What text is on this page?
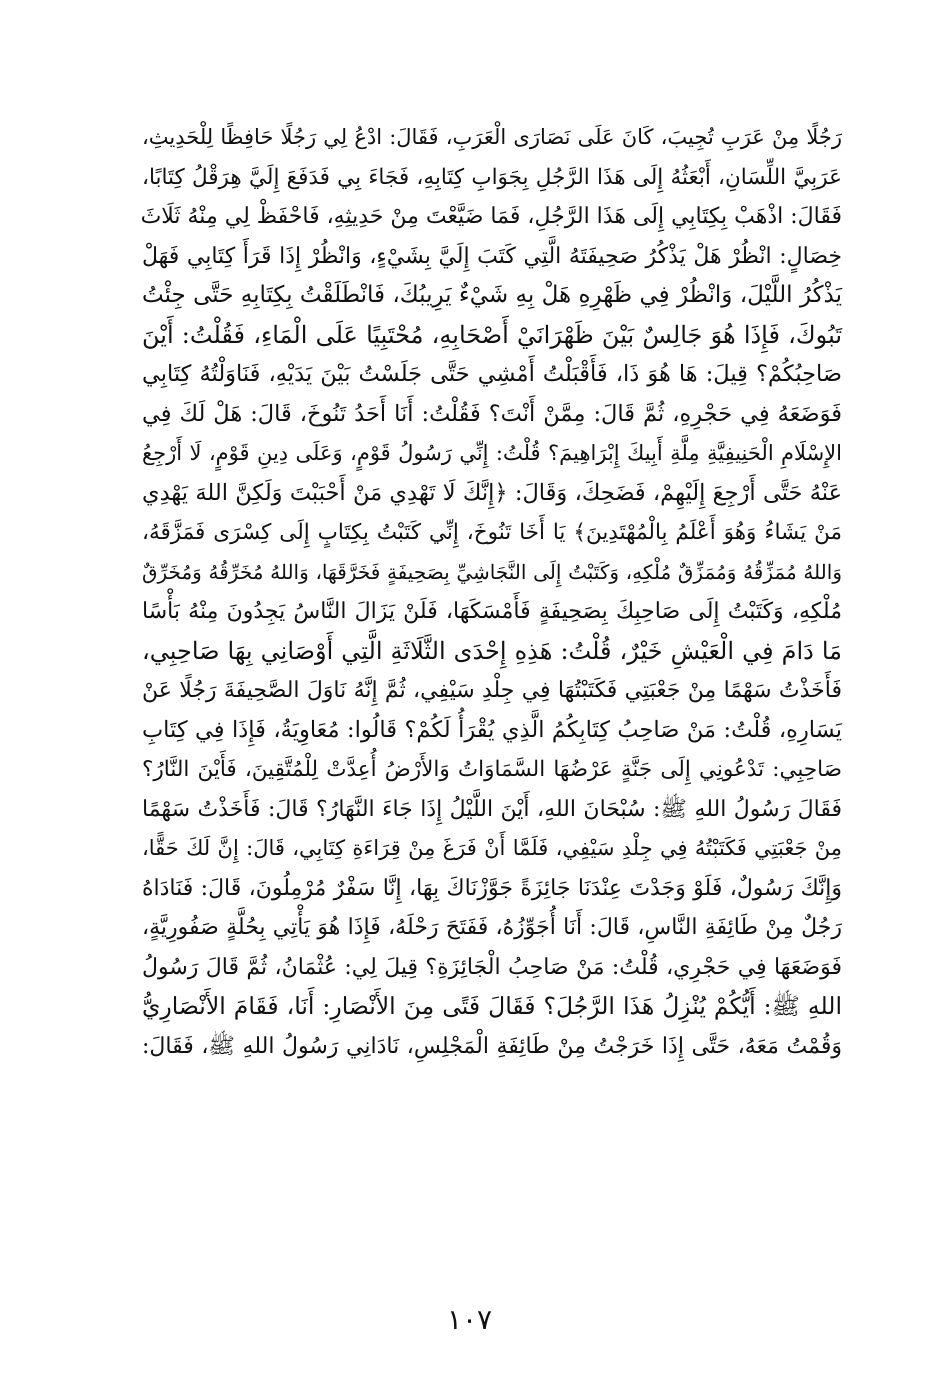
رَجُلًا مِنْ عَرَبِ تُجِيبَ، كَانَ عَلَى نَصَارَى الْعَرَبِ، فَقَالَ: ادْعُ لِي رَجُلًا حَافِظًا لِلْحَدِيثِ،
عَرَبِيَّ اللِّسَانِ، أَبْعَثُهُ إِلَى هَذَا الرَّجُلِ بِجَوَابِ كِتَابِهِ، فَجَاءَ بِي فَدَفَعَ إِلَيَّ هِرَقْلُ كِتَابًا،
فَقَالَ: اذْهَبْ بِكِتَابِي إِلَى هَذَا الرَّجُلِ، فَمَا ضَيَّعْتَ مِنْ حَدِيثِهِ، فَاحْفَظْ لِي مِنْهُ ثَلَاثَ
خِصَالٍ: انْظُرْ هَلْ يَذْكُرُ صَحِيفَتَهُ الَّتِي كَتَبَ إِلَيَّ بِشَيْءٍ، وَانْظُرْ إِذَا قَرَأَ كِتَابِي فَهَلْ
يَذْكُرُ اللَّيْلَ، وَانْظُرْ فِي ظَهْرِهِ هَلْ بِهِ شَيْءٌ يَرِيبُكَ، فَانْطَلَقْتُ بِكِتَابِهِ حَتَّى جِئْتُ
تَبُوكَ، فَإِذَا هُوَ جَالِسٌ بَيْنَ ظَهْرَانَيْ أَصْحَابِهِ، مُحْتَبِيًا عَلَى الْمَاءِ، فَقُلْتُ: أَيْنَ
صَاحِبُكُمْ؟ قِيلَ: هَا هُوَ ذَا، فَأَقْبَلْتُ أَمْشِي حَتَّى جَلَسْتُ بَيْنَ يَدَيْهِ، فَنَاوَلْتُهُ كِتَابِي
فَوَضَعَهُ فِي حَجْرِهِ، ثُمَّ قَالَ: مِمَّنْ أَنْتَ؟ فَقُلْتُ: أَنَا أَحَدُ تَنُوخَ، قَالَ: هَلْ لَكَ فِي
الإِسْلَامِ الْحَنِيفِيَّةِ مِلَّةِ أَبِيكَ إِبْرَاهِيمَ؟ قُلْتُ: إِنِّي رَسُولُ قَوْمٍ، وَعَلَى دِينِ قَوْمٍ، لَا أَرْجِعُ
عَنْهُ حَتَّى أَرْجِعَ إِلَيْهِمْ، فَضَحِكَ، وَقَالَ: ﴿إِنَّكَ لَا تَهْدِي مَنْ أَحْبَبْتَ وَلَكِنَّ اللهَ يَهْدِي
مَنْ يَشَاءُ وَهُوَ أَعْلَمُ بِالْمُهْتَدِينَ﴾ يَا أَخَا تَنُوخَ، إِنِّي كَتَبْتُ بِكِتَابٍ إِلَى كِسْرَى فَمَزَّقَهُ،
وَاللهُ مُمَزِّقُهُ وَمُمَزِّقٌ مُلْكِهِ، وَكَتَبْتُ إِلَى النَّجَاشِيِّ بِصَحِيفَةٍ فَخَرَّقَهَا، وَاللهُ مُخَرِّقُهُ وَمُخَرِّقٌ
مُلْكِهِ، وَكَتَبْتُ إِلَى صَاحِبِكَ بِصَحِيفَةٍ فَأَمْسَكَهَا، فَلَنْ يَزَالَ النَّاسُ يَجِدُونَ مِنْهُ بَأْسًا
مَا دَامَ فِي الْعَيْشِ خَيْرٌ، قُلْتُ: هَذِهِ إِحْدَى الثَّلَاثَةِ الَّتِي أَوْصَانِي بِهَا صَاحِبِي،
فَأَخَذْتُ سَهْمًا مِنْ جَعْبَتِي فَكَتَبْتُهَا فِي جِلْدِ سَيْفِي، ثُمَّ إِنَّهُ نَاوَلَ الصَّحِيفَةَ رَجُلًا عَنْ
يَسَارِهِ، قُلْتُ: مَنْ صَاحِبُ كِتَابِكُمُ الَّذِي يُقْرَأُ لَكُمْ؟ قَالُوا: مُعَاوِيَةُ، فَإِذَا فِي كِتَابِ
صَاحِبِي: تَدْعُونِي إِلَى جَنَّةٍ عَرْضُهَا السَّمَاوَاتُ وَالأَرْضُ أُعِدَّتْ لِلْمُتَّقِينَ، فَأَيْنَ النَّارُ؟
فَقَالَ رَسُولُ اللهِ ﷺ: سُبْحَانَ اللهِ، أَيْنَ اللَّيْلُ إِذَا جَاءَ النَّهَارُ؟ قَالَ: فَأَخَذْتُ سَهْمًا
مِنْ جَعْبَتِي فَكَتَبْتُهُ فِي جِلْدِ سَيْفِي، فَلَمَّا أَنْ فَرَغَ مِنْ قِرَاءَةِ كِتَابِي، قَالَ: إِنَّ لَكَ حَقًّا،
وَإِنَّكَ رَسُولٌ، فَلَوْ وَجَدْتَ عِنْدَنَا جَائِزَةً جَوَّزْنَاكَ بِهَا، إِنَّا سَفْرٌ مُرْمِلُونَ، قَالَ: فَنَادَاهُ
رَجُلٌ مِنْ طَائِفَةِ النَّاسِ، قَالَ: أَنَا أُجَوِّزُهُ، فَفَتَحَ رَحْلَهُ، فَإِذَا هُوَ يَأْتِي بِحُلَّةٍ صَفُورِيَّةٍ،
فَوَضَعَهَا فِي حَجْرِي، قُلْتُ: مَنْ صَاحِبُ الْجَائِزَةِ؟ قِيلَ لِي: عُثْمَانُ، ثُمَّ قَالَ رَسُولُ
اللهِ ﷺ: أَيُّكُمْ يُنْزِلُ هَذَا الرَّجُلَ؟ فَقَالَ فَتًى مِنَ الأَنْصَارِ: أَنَا، فَقَامَ الأَنْصَارِيُّ
وَقُمْتُ مَعَهُ، حَتَّى إِذَا خَرَجْتُ مِنْ طَائِفَةِ الْمَجْلِسِ، نَادَانِي رَسُولُ اللهِ ﷺ، فَقَالَ:
١٠٧
